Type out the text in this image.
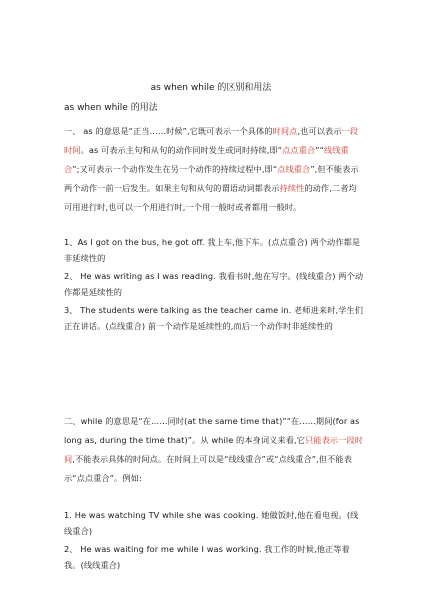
as when while 的区别和用法
as when while 的用法
一、 as 的意思是“正当……时候”,它既可表示一个具体的时间点,也可以表示一段时间。as 可表示主句和从句的动作同时发生或同时持续,即“点点重合”“线线重合”;又可表示一个动作发生在另一个动作的持续过程中,即“点线重合”,但不能表示两个动作一前一后发生。如果主句和从句的谓语动词都表示持续性的动作,二者均可用进行时,也可以一个用进行时,一个用一般时或者都用一般时。
1、As I got on the bus, he got off. 我上车,他下车。(点点重合) 两个动作都是非延续性的
2、 He was writing as I was reading. 我看书时,他在写字。(线线重合) 两个动作都是延续性的
3、 The students were talking as the teacher came in. 老师进来时,学生们正在讲话。(点线重合) 前一个动作是延续性的,而后一个动作时非延续性的
二、while 的意思是“在……同时(at the same time that)”“在……期间(for as long as, during the time that)”。从 while 的本身词义来看,它只能表示一段时间,不能表示具体的时间点。在时间上可以是“线线重合”或“点线重合”,但不能表示“点点重合”。例如:
1. He was watching TV while she was cooking. 她做饭时,他在看电视。(线线重合)
2、 He was waiting for me while I was working. 我工作的时候,他正等着我。(线线重合)
